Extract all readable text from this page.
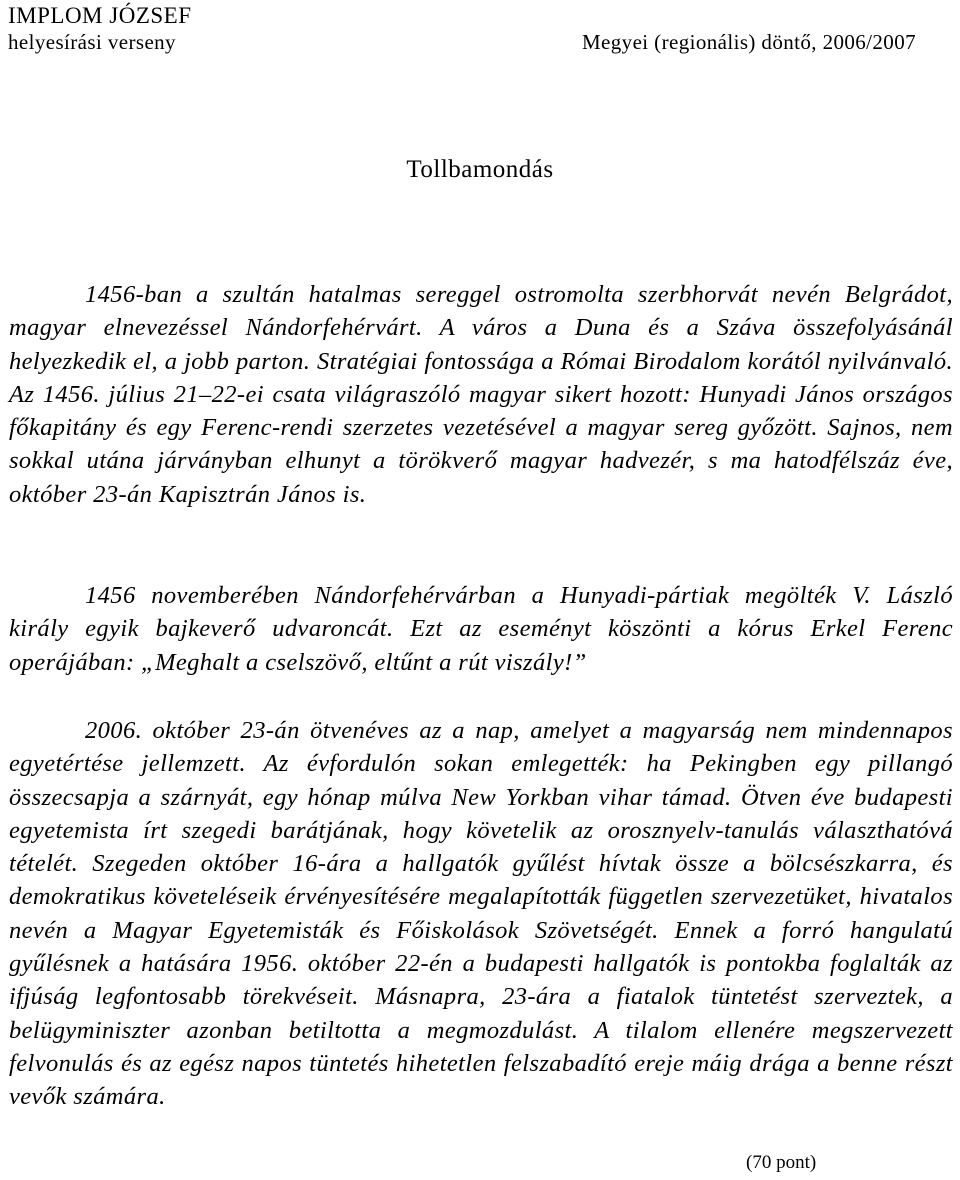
IMPLOM JÓZSEF
helyesírási verseny	Megyei (regionális) döntő, 2006/2007
Tollbamondás

1456-ban a szultán hatalmas sereggel ostromolta szerbhorvát nevén Belgrádot, magyar elnevezéssel Nándorfehérvárt. A város a Duna és a Száva összefolyásánál helyezkedik el, a jobb parton. Stratégiai fontossága a Római Birodalom korától nyilvánvaló. Az 1456. július 21–22-ei csata világraszóló magyar sikert hozott: Hunyadi János országos főkapitány és egy Ferenc-rendi szerzetes vezetésével a magyar sereg győzött. Sajnos, nem sokkal utána járványban elhunyt a törökverő magyar hadvezér, s ma hatodfélszáz éve, október 23-án Kapisztrán János is.

1456 novemberében Nándorfehérvárban a Hunyadi-pártiak megölték V. László király egyik bajkeverő udvaroncát. Ezt az eseményt köszönti a kórus Erkel Ferenc operájában: „Meghalt a cselszövő, eltűnt a rút viszály!”

2006. október 23-án ötvenéves az a nap, amelyet a magyarság nem mindennapos egyetértése jellemzett. Az évfordulón sokan emlegették: ha Pekingben egy pillangó összecsapja a szárnyát, egy hónap múlva New Yorkban vihar támad. Ötven éve budapesti egyetemista írt szegedi barátjának, hogy követelik az orosznyelv-tanulás választhatóvá tételét. Szegeden október 16-ára a hallgatók gyűlést hívtak össze a bölcsészkarra, és demokratikus követeléseik érvényesítésére megalapították független szervezetüket, hivatalos nevén a Magyar Egyetemisták és Főiskolások Szövetségét. Ennek a forró hangulatú gyűlésnek a hatására 1956. október 22-én a budapesti hallgatók is pontokba foglalták az ifjúság legfontosabb törekvéseit. Másnapra, 23-ára a fiatalok tüntetést szerveztek, a belügyminiszter azonban betiltotta a megmozdulást. A tilalom ellenére megszervezett felvonulás és az egész napos tüntetés hihetetlen felszabadító ereje máig drága a benne részt vevők számára.

(70 pont)
